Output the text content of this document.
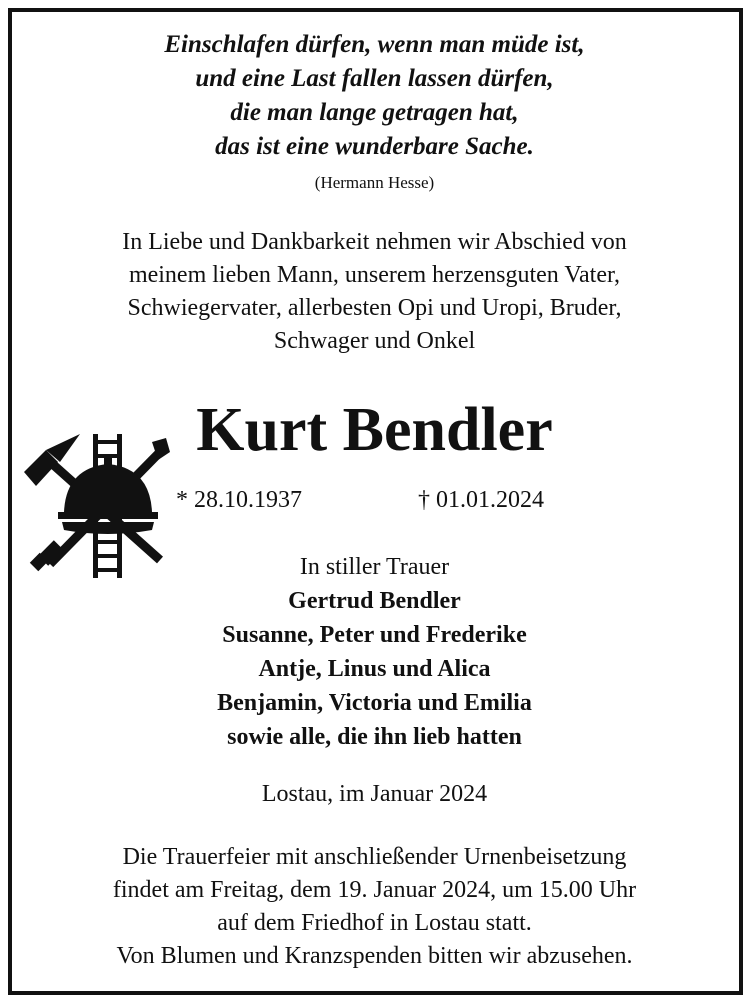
Einschlafen dürfen, wenn man müde ist,
und eine Last fallen lassen dürfen,
die man lange getragen hat,
das ist eine wunderbare Sache.
(Hermann Hesse)
In Liebe und Dankbarkeit nehmen wir Abschied von
meinem lieben Mann, unserem herzensguten Vater,
Schwiegervater, allerbesten Opi und Uropi, Bruder,
Schwager und Onkel
Kurt Bendler
* 28.10.1937	† 01.01.2024
In stiller Trauer
Gertrud Bendler
Susanne, Peter und Frederike
Antje, Linus und Alica
Benjamin, Victoria und Emilia
sowie alle, die ihn lieb hatten
Lostau, im Januar 2024
Die Trauerfeier mit anschließender Urnenbeisetzung
findet am Freitag, dem 19. Januar 2024, um 15.00 Uhr
auf dem Friedhof in Lostau statt.
Von Blumen und Kranzspenden bitten wir abzusehen.
